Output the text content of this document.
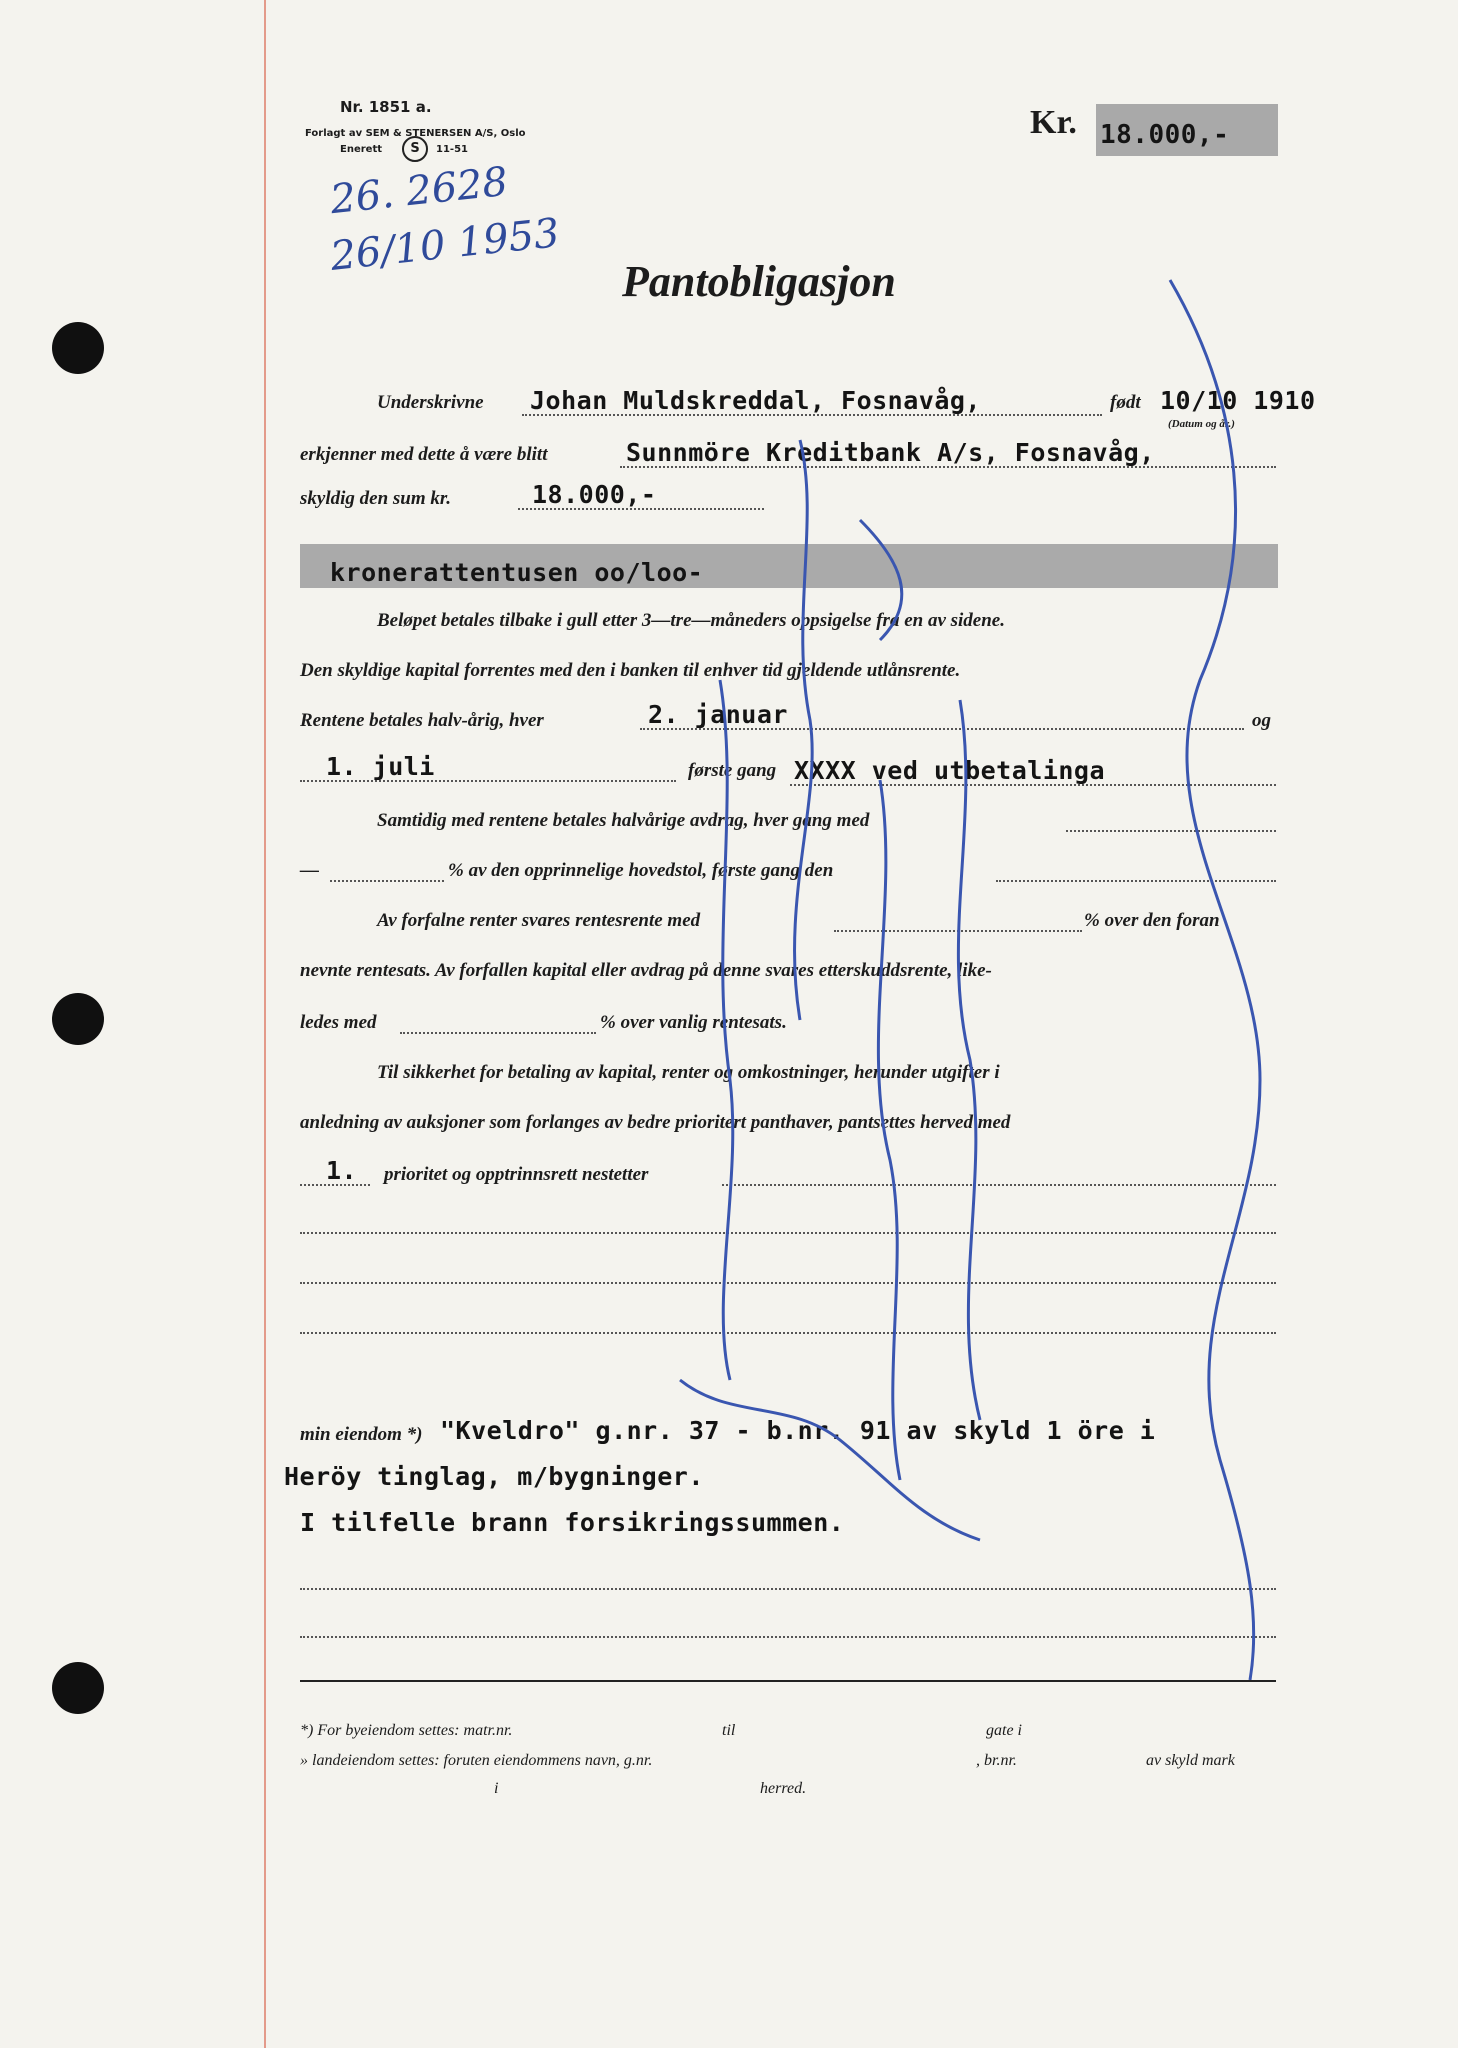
Nr. 1851 a.
Forlagt av SEM & STENERSEN A/S, Oslo
Enerett	S	11-51
Kr. 18.000,-
26. 2628
26/10 1953
Pantobligasjon
Underskrivne Johan Muldskreddal, Fosnavåg,	født 10/10 1910
(Datum og år.)
erkjenner med dette å være blitt	Sunnmöre Kreditbank A/s, Fosnavåg,
skyldig den sum kr.	18.000,-
kronerattentusen oo/loo-
Beløpet betales tilbake i gull etter 3—tre—måneders oppsigelse fra en av sidene.
Den skyldige kapital forrentes med den i banken til enhver tid gjeldende utlånsrente.
Rentene betales halv-årig, hver	2. januar	og
1. juli	første gang XXXX ved utbetalinga
Samtidig med rentene betales halvårige avdrag, hver gang med
—	% av den opprinnelige hovedstol, første gang den
Av forfalne renter svares rentesrente med	% over den foran
nevnte rentesats. Av forfallen kapital eller avdrag på denne svares etterskuddsrente, like-
ledes med	% over vanlig rentesats.
Til sikkerhet for betaling av kapital, renter og omkostninger, herunder utgifter i
anledning av auksjoner som forlanges av bedre prioritert panthaver, pantsettes herved med
1. prioritet og opptrinnsrett nestetter
min eiendom *) "Kveldro" g.nr. 37 - b.nr. 91 av skyld 1 öre i
Heröy tinglag, m/bygninger.
I tilfelle brann forsikringssummen.
*) For byeiendom settes: matr.nr.	til	gate i
» landeiendom settes: foruten eiendommens navn, g.nr.	, br.nr.	av skyld mark
i	herred.
